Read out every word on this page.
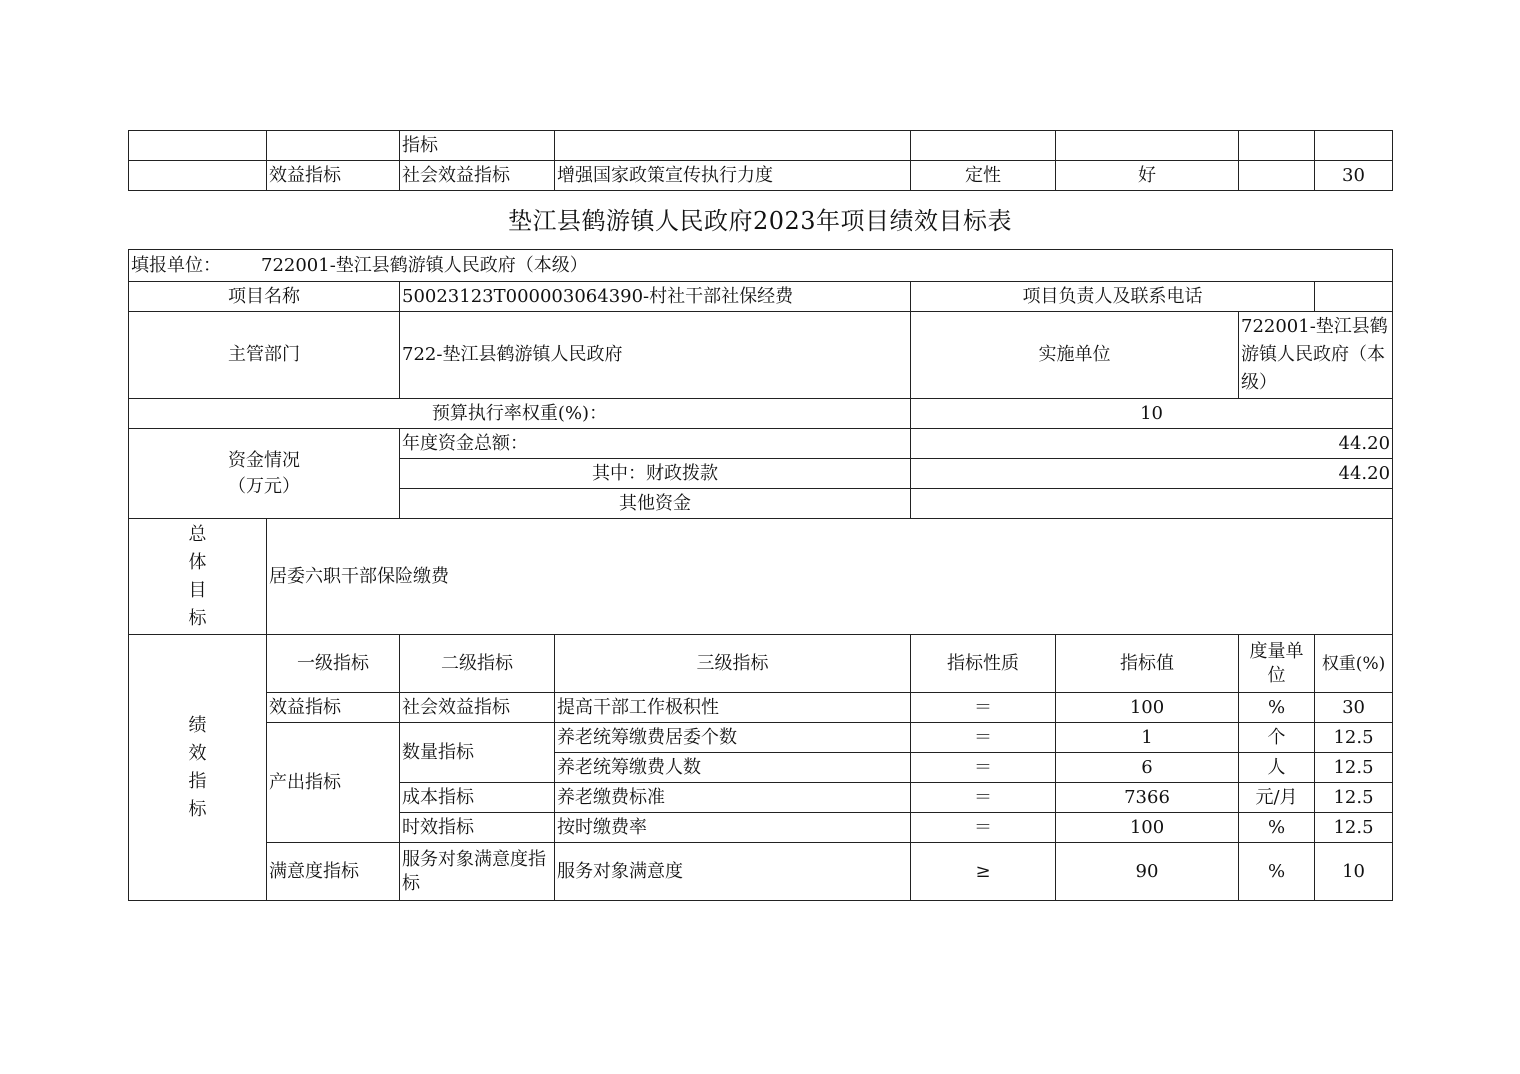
		指标					
	效益指标	社会效益指标	增强国家政策宣传执行力度	定性	好		30
垫江县鹤游镇人民政府2023年项目绩效目标表
填报单位： 722001-垫江县鹤游镇人民政府（本级）							
项目名称		50023123T000003064390-村社干部社保经费		项目负责人及联系电话			
主管部门		722-垫江县鹤游镇人民政府		实施单位		722001-垫江县鹤游镇人民政府（本级）	
预算执行率权重(%)：				10			

资金情况
（万元）		年度资金总额：		44.20			
		其中：财政拨款		44.20			
		其他资金					

总体目标	居委六职干部保险缴费						

绩效指标	一级指标	二级指标	三级指标	指标性质	指标值	度量单位	权重(%)
	效益指标	社会效益指标	提高干部工作极积性	＝	100	%	30
	产出指标	数量指标	养老统筹缴费居委个数	＝	1	个	12.5
			养老统筹缴费人数	＝	6	人	12.5
		成本指标	养老缴费标准	＝	7366	元/月	12.5
		时效指标	按时缴费率	＝	100	%	12.5
	满意度指标	服务对象满意度指标	服务对象满意度	≥	90	%	10
